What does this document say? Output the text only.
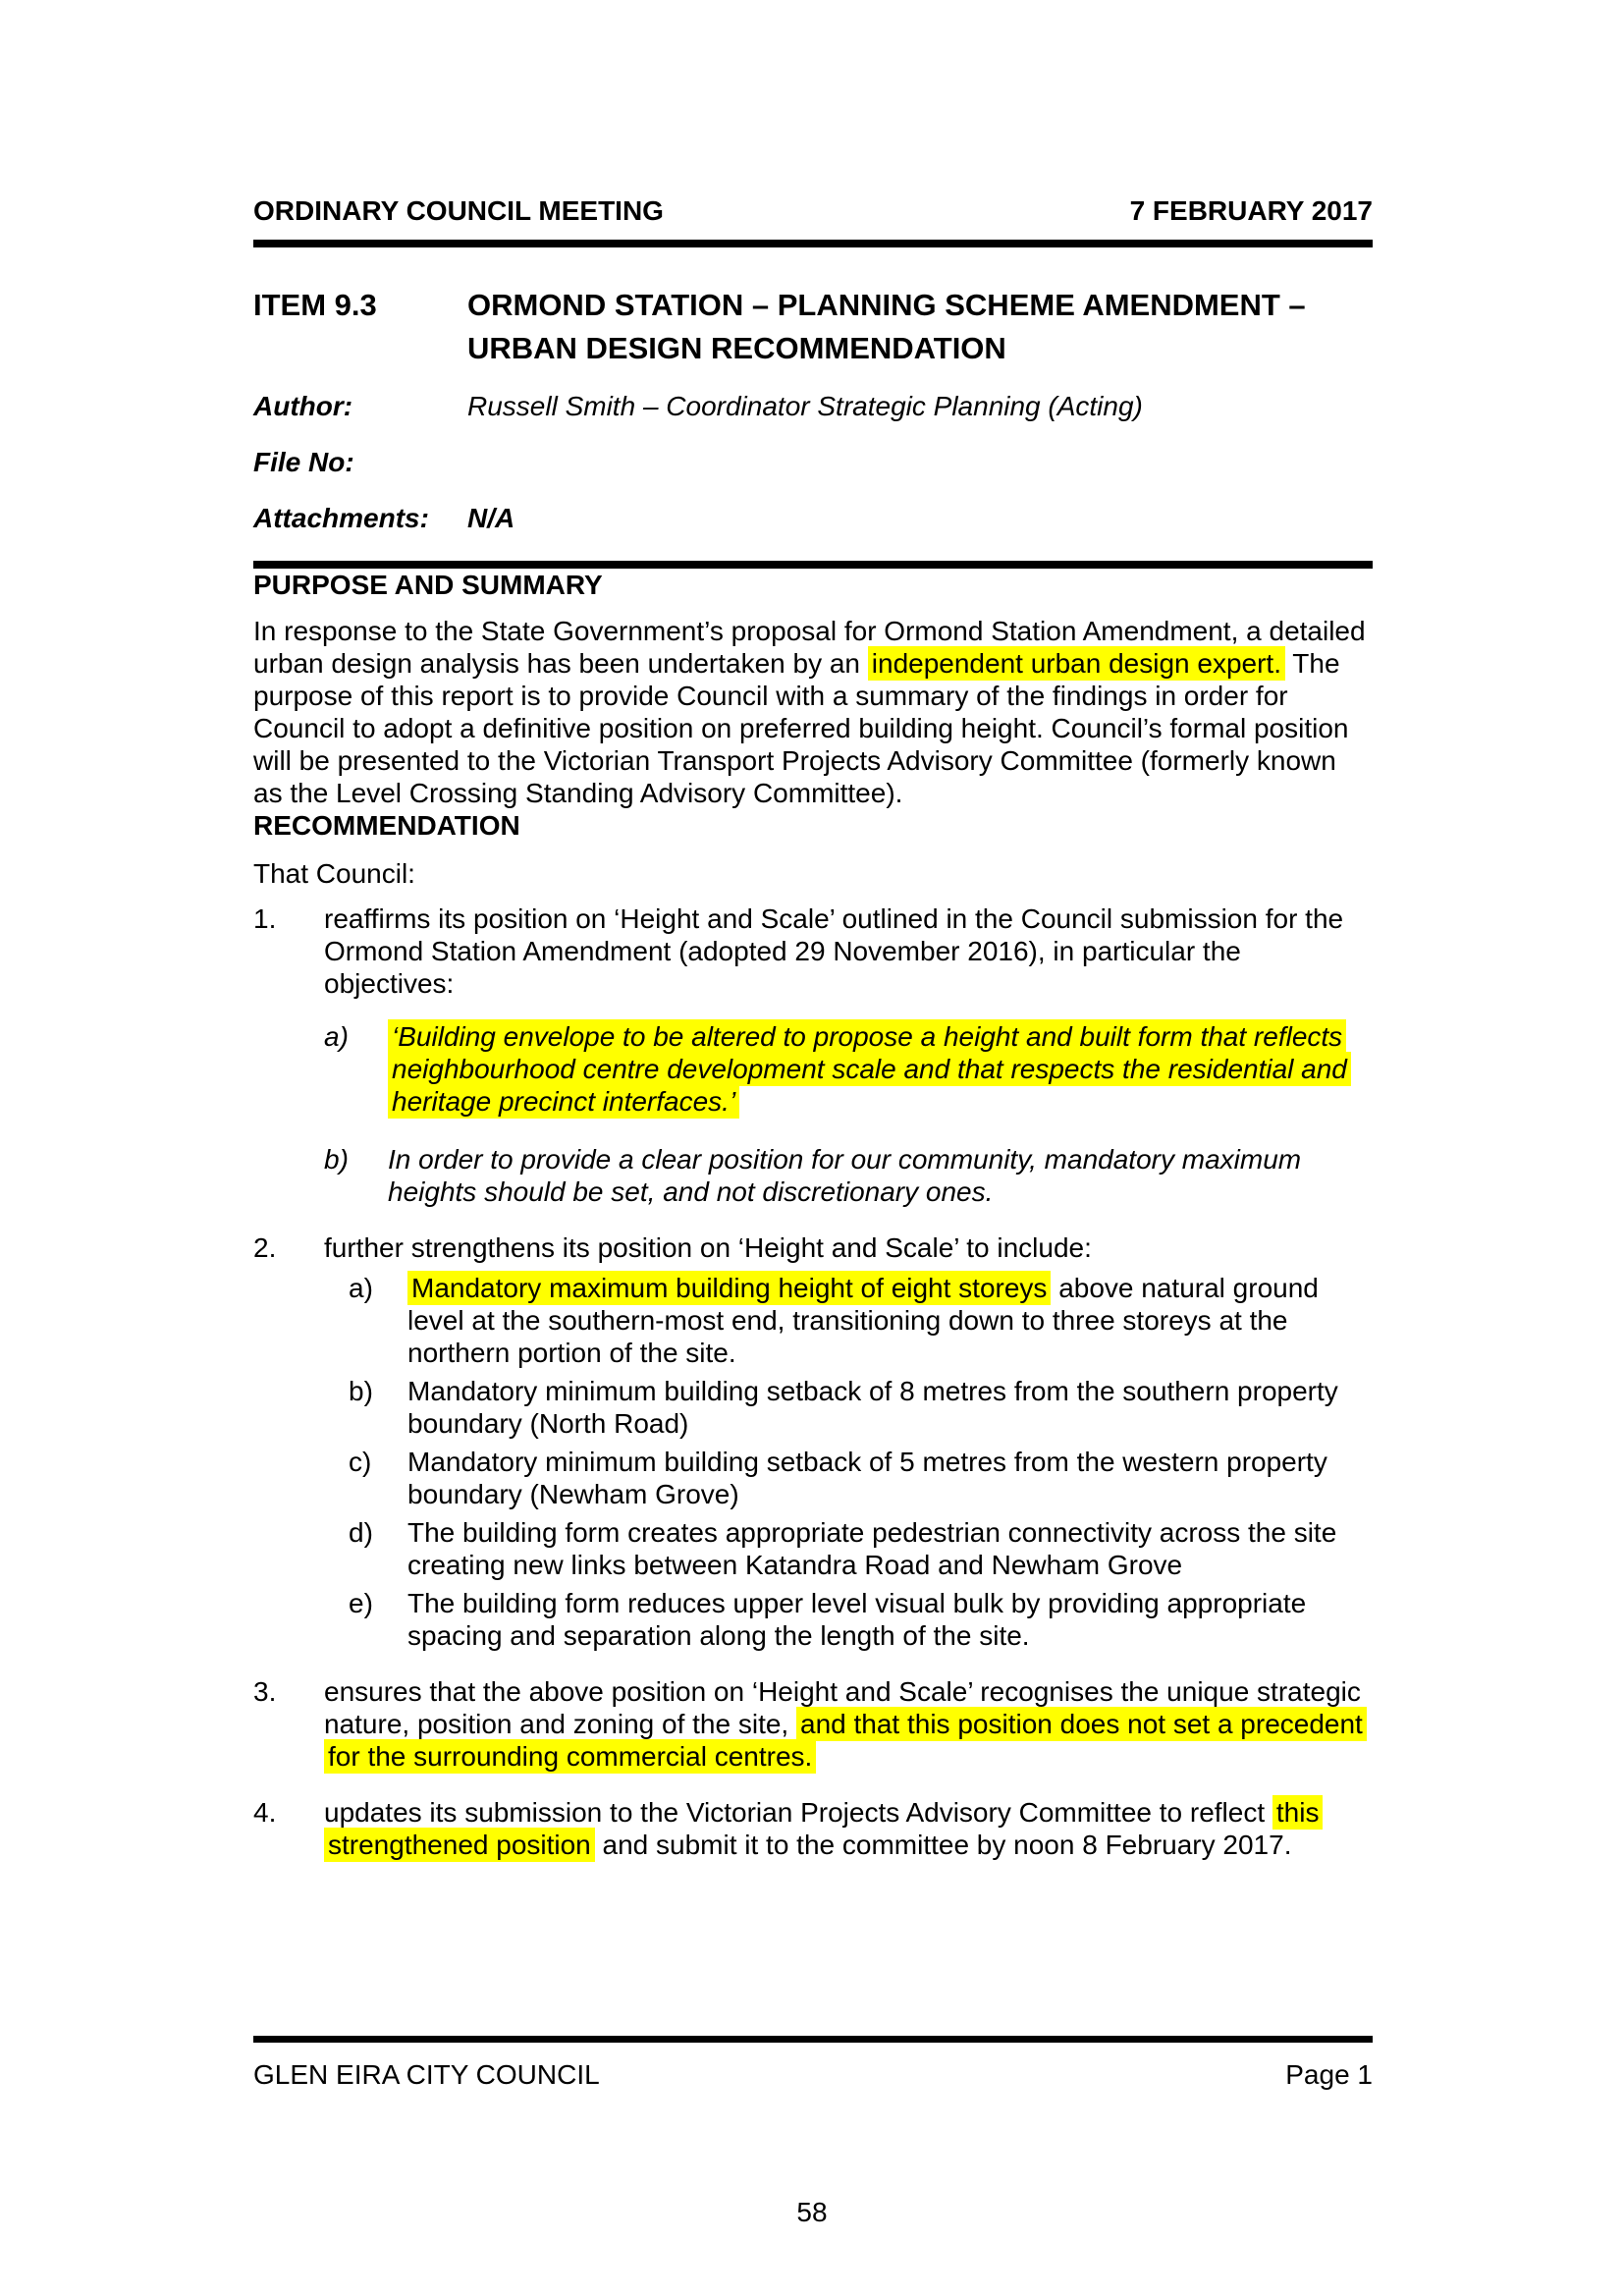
ORDINARY COUNCIL MEETING	7 FEBRUARY 2017
ITEM 9.3	ORMOND STATION – PLANNING SCHEME AMENDMENT – URBAN DESIGN RECOMMENDATION
Author:	Russell Smith – Coordinator Strategic Planning (Acting)
File No:
Attachments:	N/A
PURPOSE AND SUMMARY

In response to the State Government’s proposal for Ormond Station Amendment, a detailed urban design analysis has been undertaken by an independent urban design expert. The purpose of this report is to provide Council with a summary of the findings in order for Council to adopt a definitive position on preferred building height. Council’s formal position will be presented to the Victorian Transport Projects Advisory Committee (formerly known as the Level Crossing Standing Advisory Committee).

RECOMMENDATION

That Council:

1.	reaffirms its position on ‘Height and Scale’ outlined in the Council submission for the Ormond Station Amendment (adopted 29 November 2016), in particular the objectives:
a)	‘Building envelope to be altered to propose a height and built form that reflects neighbourhood centre development scale and that respects the residential and heritage precinct interfaces.’
b)	In order to provide a clear position for our community, mandatory maximum heights should be set, and not discretionary ones.
2.	further strengthens its position on ‘Height and Scale’ to include:
a)	Mandatory maximum building height of eight storeys above natural ground level at the southern-most end, transitioning down to three storeys at the northern portion of the site.
b)	Mandatory minimum building setback of 8 metres from the southern property boundary (North Road)
c)	Mandatory minimum building setback of 5 metres from the western property boundary (Newham Grove)
d)	The building form creates appropriate pedestrian connectivity across the site creating new links between Katandra Road and Newham Grove
e)	The building form reduces upper level visual bulk by providing appropriate spacing and separation along the length of the site.
3.	ensures that the above position on ‘Height and Scale’ recognises the unique strategic nature, position and zoning of the site, and that this position does not set a precedent for the surrounding commercial centres.
4.	updates its submission to the Victorian Projects Advisory Committee to reflect this strengthened position and submit it to the committee by noon 8 February 2017.
GLEN EIRA CITY COUNCIL	Page 1
58
